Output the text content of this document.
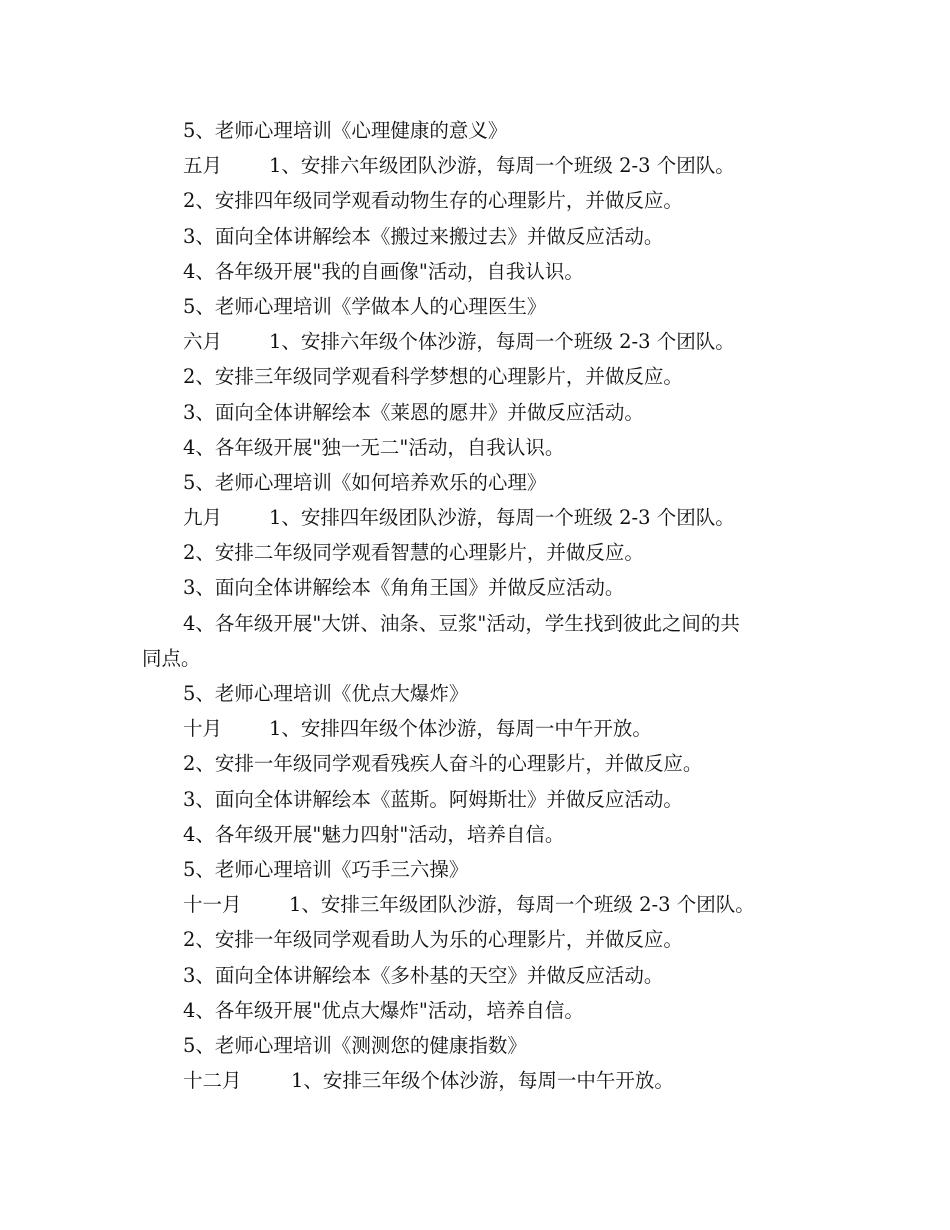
5、老师心理培训《心理健康的意义》
五月 1、安排六年级团队沙游，每周一个班级 2-3 个团队。
2、安排四年级同学观看动物生存的心理影片，并做反应。
3、面向全体讲解绘本《搬过来搬过去》并做反应活动。
4、各年级开展"我的自画像"活动，自我认识。
5、老师心理培训《学做本人的心理医生》
六月 1、安排六年级个体沙游，每周一个班级 2-3 个团队。
2、安排三年级同学观看科学梦想的心理影片，并做反应。
3、面向全体讲解绘本《莱恩的愿井》并做反应活动。
4、各年级开展"独一无二"活动，自我认识。
5、老师心理培训《如何培养欢乐的心理》
九月 1、安排四年级团队沙游，每周一个班级 2-3 个团队。
2、安排二年级同学观看智慧的心理影片，并做反应。
3、面向全体讲解绘本《角角王国》并做反应活动。
4、各年级开展"大饼、油条、豆浆"活动，学生找到彼此之间的共
同点。
5、老师心理培训《优点大爆炸》
十月 1、安排四年级个体沙游，每周一中午开放。
2、安排一年级同学观看残疾人奋斗的心理影片，并做反应。
3、面向全体讲解绘本《蓝斯。阿姆斯壮》并做反应活动。
4、各年级开展"魅力四射"活动，培养自信。
5、老师心理培训《巧手三六操》
十一月 1、安排三年级团队沙游，每周一个班级 2-3 个团队。
2、安排一年级同学观看助人为乐的心理影片，并做反应。
3、面向全体讲解绘本《多朴基的天空》并做反应活动。
4、各年级开展"优点大爆炸"活动，培养自信。
5、老师心理培训《测测您的健康指数》
十二月	1、安排三年级个体沙游，每周一中午开放。
